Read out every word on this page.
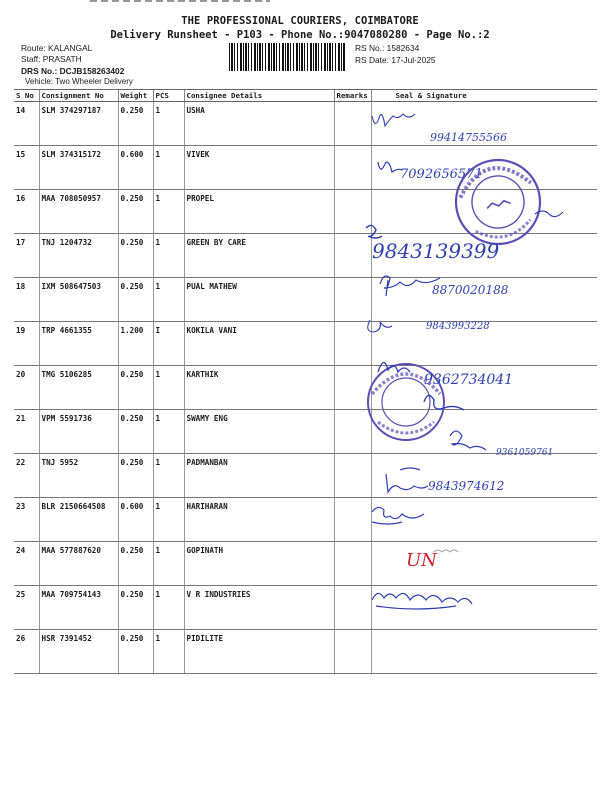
THE PROFESSIONAL COURIERS, COIMBATORE
Delivery Runsheet - P103 - Phone No.:9047080280 - Page No.:2
Route: KALANGAL
Staff: PRASATH
DRS No.: DCJB158263402
Vehicle: Two Wheeler Delivery
RS No.: 1582634
RS Date: 17-Jul-2025
S No	Consignment No	Weight	PCS	Consignee Details	Remarks	Seal & Signature
14	SLM 374297187	0.250	1	USHA		
15	SLM 374315172	0.600	1	VIVEK		
16	MAA 708050957	0.250	1	PROPEL		
17	TNJ 1204732	0.250	1	GREEN BY CARE		
18	IXM 508647503	0.250	1	PUAL MATHEW		
19	TRP 4661355	1.200	I	KOKILA VANI		
20	TMG 5106285	0.250	1	KARTHIK		
21	VPM 5591736	0.250	1	SWAMY ENG		
22	TNJ 5952	0.250	1	PADMANBAN		
23	BLR 2150664508	0.600	1	HARIHARAN		
24	MAA 577887620	0.250	1	GOPINATH		
25	MAA 709754143	0.250	1	V R INDUSTRIES		
26	HSR 7391452	0.250	1	PIDILITE		
99414755566
7092656571
9843139399
8870020188
9843993228
9362734041
9361059761
9843974612
UN
